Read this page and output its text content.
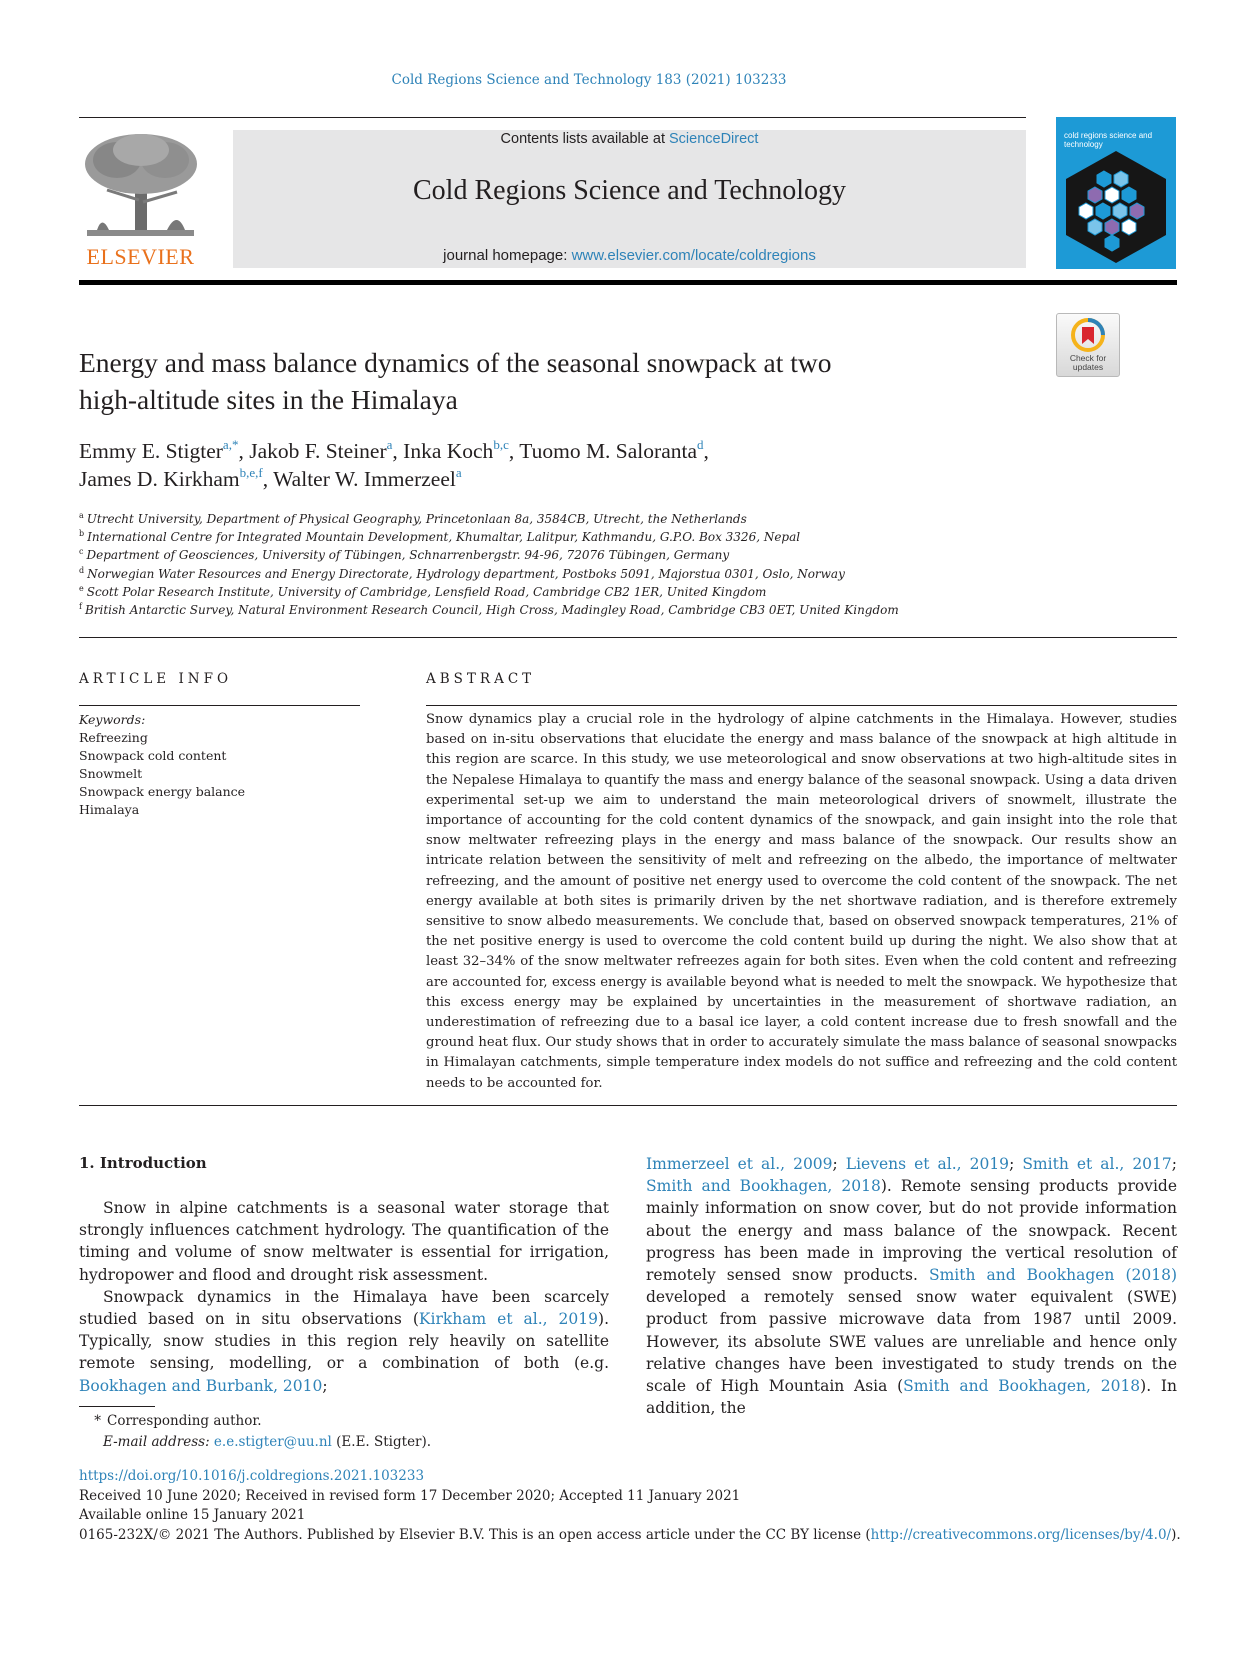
Cold Regions Science and Technology 183 (2021) 103233
ELSEVIER
Contents lists available at ScienceDirect
Cold Regions Science and Technology
journal homepage: www.elsevier.com/locate/coldregions
cold regions science and technology
Check for updates
Energy and mass balance dynamics of the seasonal snowpack at two
high-altitude sites in the Himalaya
Emmy E. Stigter$^{a,*}$, Jakob F. Steiner$^a$, Inka Koch$^{b,c}$, Tuomo M. Saloranta$^d$,
James D. Kirkham$^{b,e,f}$, Walter W. Immerzeel$^a$
$^a$ Utrecht University, Department of Physical Geography, Princetonlaan 8a, 3584CB, Utrecht, the Netherlands
$^b$ International Centre for Integrated Mountain Development, Khumaltar, Lalitpur, Kathmandu, G.P.O. Box 3326, Nepal
$^c$ Department of Geosciences, University of Tübingen, Schnarrenbergstr. 94-96, 72076 Tübingen, Germany
$^d$ Norwegian Water Resources and Energy Directorate, Hydrology department, Postboks 5091, Majorstua 0301, Oslo, Norway
$^e$ Scott Polar Research Institute, University of Cambridge, Lensfield Road, Cambridge CB2 1ER, United Kingdom
$^f$ British Antarctic Survey, Natural Environment Research Council, High Cross, Madingley Road, Cambridge CB3 0ET, United Kingdom
ARTICLE INFO	ABSTRACT
Keywords:
Refreezing
Snowpack cold content
Snowmelt
Snowpack energy balance
Himalaya
Snow dynamics play a crucial role in the hydrology of alpine catchments in the Himalaya. However, studies based on in-situ observations that elucidate the energy and mass balance of the snowpack at high altitude in this region are scarce. In this study, we use meteorological and snow observations at two high-altitude sites in the Nepalese Himalaya to quantify the mass and energy balance of the seasonal snowpack. Using a data driven experimental set-up we aim to understand the main meteorological drivers of snowmelt, illustrate the importance of accounting for the cold content dynamics of the snowpack, and gain insight into the role that snow meltwater refreezing plays in the energy and mass balance of the snowpack. Our results show an intricate relation between the sensitivity of melt and refreezing on the albedo, the importance of meltwater refreezing, and the amount of positive net energy used to overcome the cold content of the snowpack. The net energy available at both sites is primarily driven by the net shortwave radiation, and is therefore extremely sensitive to snow albedo measurements. We conclude that, based on observed snowpack temperatures, 21% of the net positive energy is used to overcome the cold content build up during the night. We also show that at least 32–34% of the snow meltwater refreezes again for both sites. Even when the cold content and refreezing are accounted for, excess energy is available beyond what is needed to melt the snowpack. We hypothesize that this excess energy may be explained by uncertainties in the measurement of shortwave radiation, an underestimation of refreezing due to a basal ice layer, a cold content increase due to fresh snowfall and the ground heat flux. Our study shows that in order to accurately simulate the mass balance of seasonal snowpacks in Himalayan catchments, simple temperature index models do not suffice and refreezing and the cold content needs to be accounted for.
1. Introduction

Snow in alpine catchments is a seasonal water storage that strongly influences catchment hydrology. The quantification of the timing and volume of snow meltwater is essential for irrigation, hydropower and flood and drought risk assessment.

Snowpack dynamics in the Himalaya have been scarcely studied based on in situ observations (Kirkham et al., 2019). Typically, snow studies in this region rely heavily on satellite remote sensing, modelling, or a combination of both (e.g. Bookhagen and Burbank, 2010;

Immerzeel et al., 2009; Lievens et al., 2019; Smith et al., 2017; Smith and Bookhagen, 2018). Remote sensing products provide mainly information on snow cover, but do not provide information about the energy and mass balance of the snowpack. Recent progress has been made in improving the vertical resolution of remotely sensed snow products. Smith and Bookhagen (2018) developed a remotely sensed snow water equivalent (SWE) product from passive microwave data from 1987 until 2009. However, its absolute SWE values are unreliable and hence only relative changes have been investigated to study trends on the scale of High Mountain Asia (Smith and Bookhagen, 2018). In addition, the

* Corresponding author.
E-mail address: e.e.stigter@uu.nl (E.E. Stigter).
https://doi.org/10.1016/j.coldregions.2021.103233
Received 10 June 2020; Received in revised form 17 December 2020; Accepted 11 January 2021
Available online 15 January 2021
0165-232X/© 2021 The Authors. Published by Elsevier B.V. This is an open access article under the CC BY license (http://creativecommons.org/licenses/by/4.0/).
